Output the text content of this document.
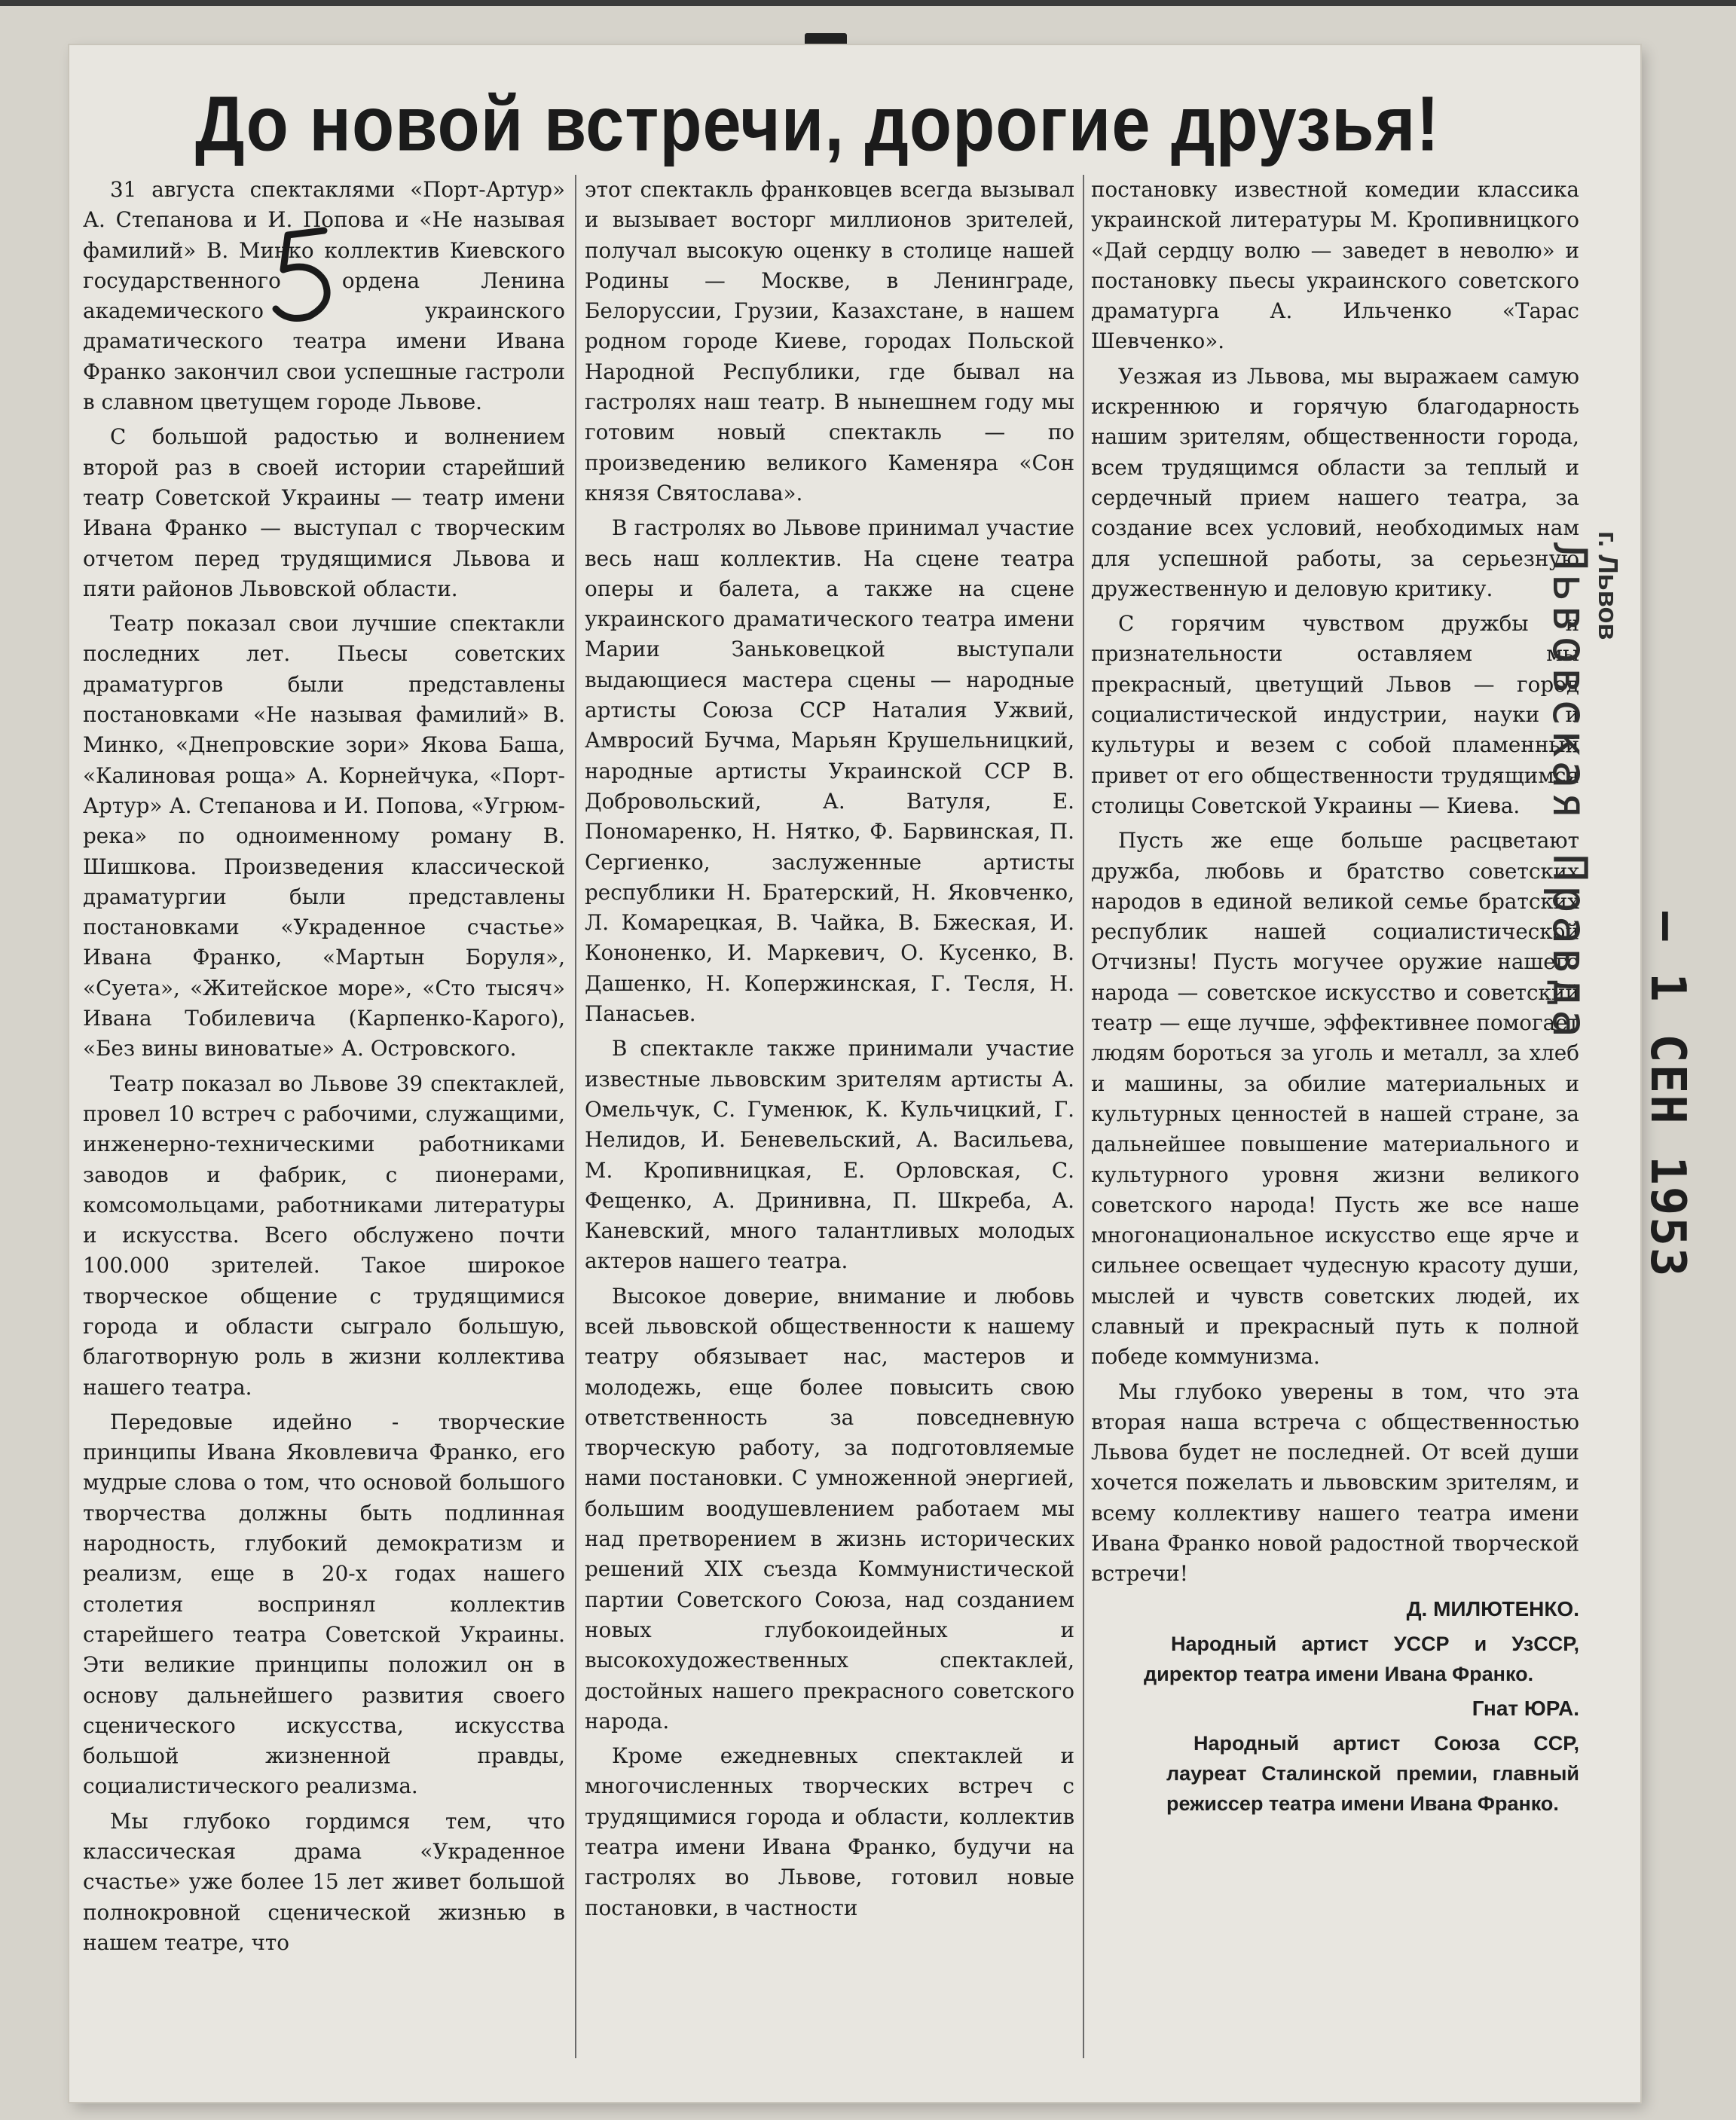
До новой встречи, дорогие друзья!

31 августа спектаклями «Порт-Артур» А. Степанова и И. Попова и «Не называя фамилий» В. Минко коллектив Киевского государственного ордена Ленина академического украинского драматического театра имени Ивана Франко закончил свои успешные гастроли в славном цветущем городе Львове.

С большой радостью и волнением второй раз в своей истории старейший театр Советской Украины — театр имени Ивана Франко — выступал с творческим отчетом перед трудящимися Львова и пяти районов Львовской области.

Театр показал свои лучшие спектакли последних лет. Пьесы советских драматургов были представлены постановками «Не называя фамилий» В. Минко, «Днепровские зори» Якова Баша, «Калиновая роща» А. Корнейчука, «Порт-Артур» А. Степанова и И. Попова, «Угрюм-река» по одноименному роману В. Шишкова. Произведения классической драматургии были представлены постановками «Украденное счастье» Ивана Франко, «Мартын Боруля», «Суета», «Житейское море», «Сто тысяч» Ивана Тобилевича (Карпенко-Карого), «Без вины виноватые» А. Островского.

Театр показал во Львове 39 спектаклей, провел 10 встреч с рабочими, служащими, инженерно-техническими работниками заводов и фабрик, с пионерами, комсомольцами, работниками литературы и искусства. Всего обслужено почти 100.000 зрителей. Такое широкое творческое общение с трудящимися города и области сыграло большую, благотворную роль в жизни коллектива нашего театра.

Передовые идейно - творческие принципы Ивана Яковлевича Франко, его мудрые слова о том, что основой большого творчества должны быть подлинная народность, глубокий демократизм и реализм, еще в 20-х годах нашего столетия воспринял коллектив старейшего театра Советской Украины. Эти великие принципы положил он в основу дальнейшего развития своего сценического искусства, искусства большой жизненной правды, социалистического реализма.

Мы глубоко гордимся тем, что классическая драма «Украденное счастье» уже более 15 лет живет большой полнокровной сценической жизнью в нашем театре, что

этот спектакль франковцев всегда вызывал и вызывает восторг миллионов зрителей, получал высокую оценку в столице нашей Родины — Москве, в Ленинграде, Белоруссии, Грузии, Казахстане, в нашем родном городе Киеве, городах Польской Народной Республики, где бывал на гастролях наш театр. В нынешнем году мы готовим новый спектакль — по произведению великого Каменяра «Сон князя Святослава».

В гастролях во Львове принимал участие весь наш коллектив. На сцене театра оперы и балета, а также на сцене украинского драматического театра имени Марии Заньковецкой выступали выдающиеся мастера сцены — народные артисты Союза ССР Наталия Ужвий, Амвросий Бучма, Марьян Крушельницкий, народные артисты Украинской ССР В. Добровольский, А. Ватуля, Е. Пономаренко, Н. Нятко, Ф. Барвинская, П. Сергиенко, заслуженные артисты республики Н. Братерский, Н. Яковченко, Л. Комарецкая, В. Чайка, В. Бжеская, И. Кононенко, И. Маркевич, О. Кусенко, В. Дашенко, Н. Копержинская, Г. Тесля, Н. Панасьев.

В спектакле также принимали участие известные львовским зрителям артисты А. Омельчук, С. Гуменюк, К. Кульчицкий, Г. Нелидов, И. Беневельский, А. Васильева, М. Кропивницкая, Е. Орловская, С. Фещенко, А. Дринивна, П. Шкреба, А. Каневский, много талантливых молодых актеров нашего театра.

Высокое доверие, внимание и любовь всей львовской общественности к нашему театру обязывает нас, мастеров и молодежь, еще более повысить свою ответственность за повседневную творческую работу, за подготовляемые нами постановки. С умноженной энергией, большим воодушевлением работаем мы над претворением в жизнь исторических решений XIX съезда Коммунистической партии Советского Союза, над созданием новых глубокоидейных и высокохудожественных спектаклей, достойных нашего прекрасного советского народа.

Кроме ежедневных спектаклей и многочисленных творческих встреч с трудящимися города и области, коллектив театра имени Ивана Франко, будучи на гастролях во Львове, готовил новые постановки, в частности

постановку известной комедии классика украинской литературы М. Кропивницкого «Дай сердцу волю — заведет в неволю» и постановку пьесы украинского советского драматурга А. Ильченко «Тарас Шевченко».

Уезжая из Львова, мы выражаем самую искреннюю и горячую благодарность нашим зрителям, общественности города, всем трудящимся области за теплый и сердечный прием нашего театра, за создание всех условий, необходимых нам для успешной работы, за серьезную дружественную и деловую критику.

С горячим чувством дружбы и признательности оставляем мы прекрасный, цветущий Львов — город социалистической индустрии, науки и культуры и везем с собой пламенный привет от его общественности трудящимся столицы Советской Украины — Киева.

Пусть же еще больше расцветают дружба, любовь и братство советских народов в единой великой семье братских республик нашей социалистической Отчизны! Пусть могучее оружие нашего народа — советское искусство и советский театр — еще лучше, эффективнее помогает людям бороться за уголь и металл, за хлеб и машины, за обилие материальных и культурных ценностей в нашей стране, за дальнейшее повышение материального и культурного уровня жизни великого советского народа! Пусть же все наше многонациональное искусство еще ярче и сильнее освещает чудесную красоту души, мыслей и чувств советских людей, их славный и прекрасный путь к полной победе коммунизма.

Мы глубоко уверены в том, что эта вторая наша встреча с общественностью Львова будет не последней. От всей души хочется пожелать и львовским зрителям, и всему коллективу нашего театра имени Ивана Франко новой радостной творческой встречи!

Д. МИЛЮТЕНКО.

Народный артист УССР и УзССР, директор театра имени Ивана Франко.

Гнат ЮРА.

Народный артист Союза ССР, лауреат Сталинской премии, главный режиссер театра имени Ивана Франко.

Львовская Правда
г. Львов
— 1 СЕН 1953
